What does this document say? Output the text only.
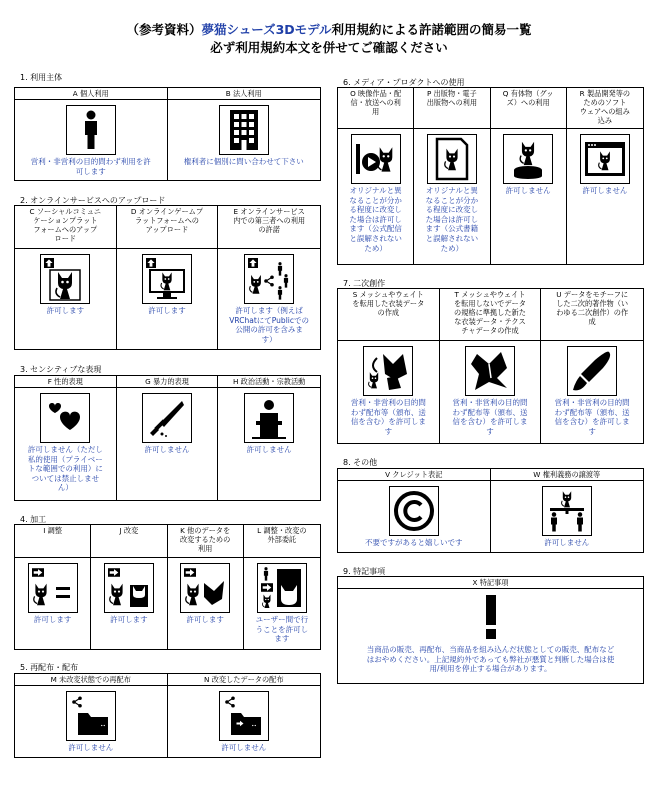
（参考資料）夢猫シューズ3Dモデル利用規約による許諾範囲の簡易一覧
必ず利用規約本文を併せてご確認ください
1. 利用主体
A 個人利用
営利・非営利の目的問わず利用を許
可します
B 法人利用
権利者に個別に問い合わせて下さい
2. オンラインサービスへのアップロード
C ソーシャルコミュニ
ケーションプラット
フォームへのアップ
ロード
許可します
D オンラインゲームプ
ラットフォームへの
アップロード
許可します
E オンラインサービス
内での第三者への利用
の許諾
許可します（例えば
VRChatにてPublicでの
公開の許可を含みま
す）
3. センシティブな表現
F 性的表現
許可しません（ただし
私的使用（プライベー
トな範囲での利用）に
ついては禁止しませ
ん）
G 暴力的表現
許可しません
H 政治活動・宗教活動
許可しません
4. 加工
I 調整
許可します
J 改変
許可します
K 他のデータを
改変するための
利用
許可します
L 調整・改変の
外部委託
ユーザー間で行
うことを許可し
ます
5. 再配布・配布
M 未改変状態での再配布
許可しません
N 改変したデータの配布
許可しません
6. メディア・プロダクトへの使用
O 映像作品・配
信・放送への利
用
オリジナルと異
なることが分か
る程度に改変し
た場合は許可し
ます（公式配信
と誤解されない
ため）
P 出版物・電子
出版物への利用
オリジナルと異
なることが分か
る程度に改変し
た場合は許可し
ます（公式書籍
と誤解されない
ため）
Q 有体物（グッ
ズ）への利用
許可しません
R 製品開発等の
ためのソフト
ウェアへの組み
込み
許可しません
7. 二次創作
S メッシュやウェイト
を転用した衣装データ
の作成
営利・非営利の目的問
わず配布等（頒布、送
信を含む）を許可しま
す
T メッシュやウェイト
を転用しないでデータ
の規格に準拠した新た
な衣装データ・テクス
チャデータの作成
営利・非営利の目的問
わず配布等（頒布、送
信を含む）を許可しま
す
U データをモチーフに
した二次的著作物（い
わゆる二次創作）の作
成
営利・非営利の目的問
わず配布等（頒布、送
信を含む）を許可しま
す
8. その他
V クレジット表記
不要ですがあると嬉しいです
W 権利義務の譲渡等
許可しません
9. 特記事項
X 特記事項
当商品の販売、再配布、当商品を組み込んだ状態としての販売、配布など
はおやめください。上記規約外であっても弊社が悪質と判断した場合は使
用/利用を停止する場合があります。
